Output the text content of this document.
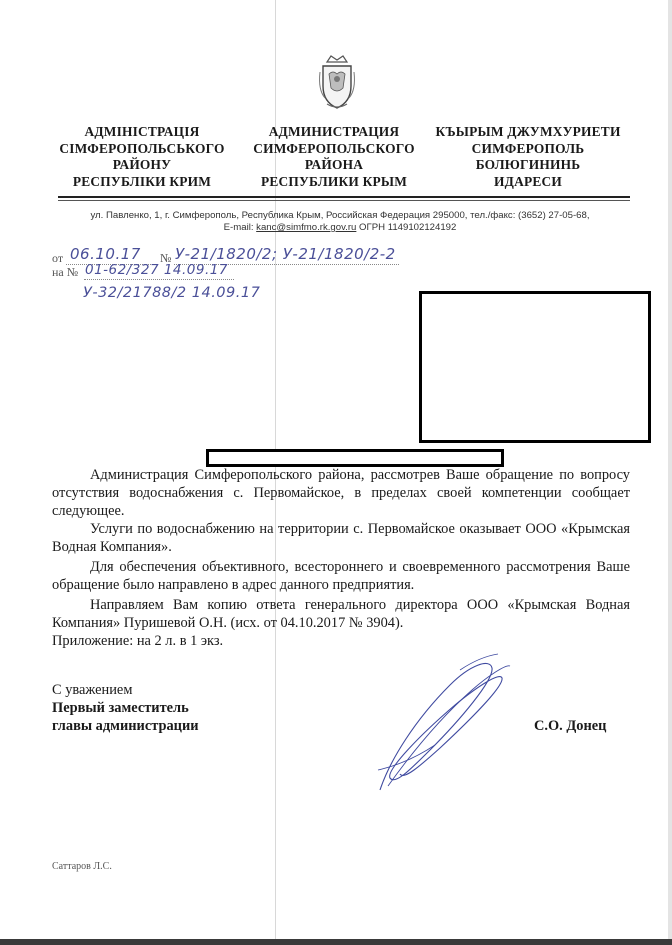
АДМІНІСТРАЦІЯ
СІМФЕРОПОЛЬСЬКОГО
РАЙОНУ
РЕСПУБЛІКИ КРИМ
АДМИНИСТРАЦИЯ
СИМФЕРОПОЛЬСКОГО
РАЙОНА
РЕСПУБЛИКИ КРЫМ
КЪЫРЫМ ДЖУМХУРИЕТИ
СИМФЕРОПОЛЬ
БОЛЮГИНИНЬ
ИДАРЕСИ
ул. Павленко, 1, г. Симферополь, Республика Крым, Российская Федерация 295000, тел./факс: (3652) 27-05-68,
E-mail: kanc@simfmo.rk.gov.ru ОГРН 1149102124192
от	№
на №
06.10.17 У-21/1820/2; У-21/1820/2-2
01-62/327 14.09.17
У-32/21788/2 14.09.17

Администрация Симферопольского района, рассмотрев Ваше обращение по вопросу отсутствия водоснабжения с. Первомайское, в пределах своей компетенции сообщает следующее.

Услуги по водоснабжению на территории с. Первомайское оказывает ООО «Крымская Водная Компания».

Для обеспечения объективного, всестороннего и своевременного рассмотрения Ваше обращение было направлено в адрес данного предприятия.

Направляем Вам копию ответа генерального директора ООО «Крымская Водная Компания» Пуришевой О.Н. (исх. от 04.10.2017 № 3904).

Приложение: на 2 л. в 1 экз.

С уважением
Первый заместитель
главы администрации	С.О. Донец
Саттаров Л.С.
